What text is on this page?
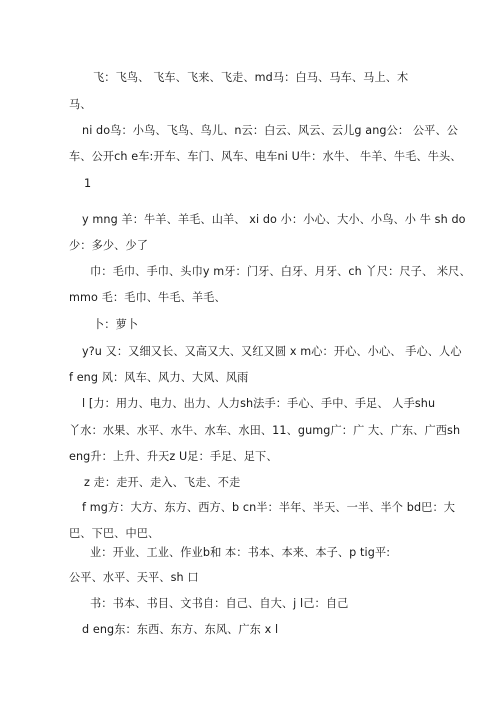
飞：飞鸟、 飞车、飞来、飞走、md马：白马、马车、马上、木
马、
ni do鸟：小鸟、飞鸟、鸟儿、n云：白云、风云、云儿g ang公： 公平、公
车、公开ch e车:开车、车门、风车、电车ni U牛：水牛、 牛羊、牛毛、牛头、
1
y mng 羊：牛羊、羊毛、山羊、 xi do 小：小心、大小、小鸟、小 牛 sh do
少：多少、少了
巾：毛巾、手巾、头巾y m牙：门牙、白牙、月牙、ch 丫尺：尺子、 米尺、
mmo 毛：毛巾、牛毛、羊毛、
卜：萝卜
y?u 又：又细又长、又高又大、又红又圆 x m心：开心、小心、 手心、人心
f eng 风：风车、风力、大风、风雨
l [力：用力、电力、出力、人力sh法手：手心、手中、手足、 人手shu
丫水：水果、水平、水牛、水车、水田、11、gumg广：广 大、广东、广西sh
eng升：上升、升天z U足：手足、足下、
z 走：走开、走入、飞走、不走
f mg方：大方、东方、西方、b cn半：半年、半天、一半、半个 bd巴：大
巴、下巴、中巴、
业：开业、工业、作业b和 本：书本、本来、本子、p tig平:
公平、水平、天平、sh 口
书：书本、书目、文书自：自己、自大、j l己：自己
d eng东：东西、东方、东风、广东 x l
